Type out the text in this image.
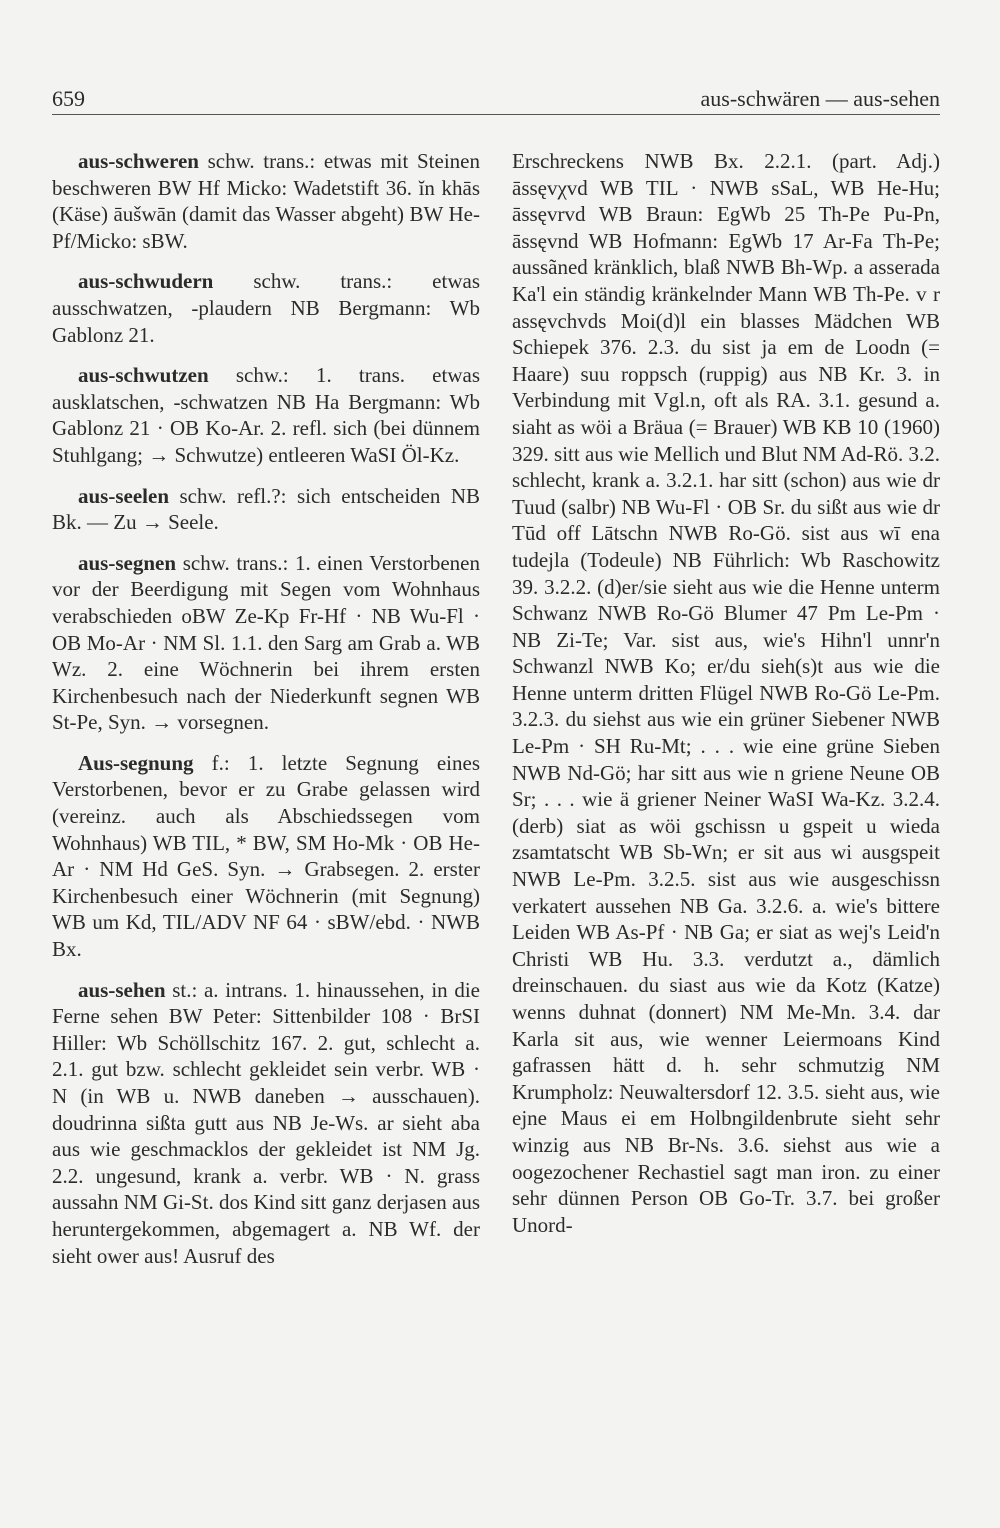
659	aus-schwären — aus-sehen

aus-schweren schw. trans.: etwas mit Steinen beschweren BW Hf Micko: Wadetstift 36. ĭn khās (Käse) āušwān (damit das Wasser abgeht) BW He-Pf/Micko: sBW.

aus-schwudern schw. trans.: etwas ausschwatzen, -plaudern NB Bergmann: Wb Gablonz 21.

aus-schwutzen schw.: 1. trans. etwas ausklatschen, -schwatzen NB Ha Bergmann: Wb Gablonz 21 · OB Ko-Ar. 2. refl. sich (bei dünnem Stuhlgang; → Schwutze) entleeren WaSI Öl-Kz.

aus-seelen schw. refl.?: sich entscheiden NB Bk. — Zu → Seele.

aus-segnen schw. trans.: 1. einen Verstorbenen vor der Beerdigung mit Segen vom Wohnhaus verabschieden oBW Ze-Kp Fr-Hf · NB Wu-Fl · OB Mo-Ar · NM Sl. 1.1. den Sarg am Grab a. WB Wz. 2. eine Wöchnerin bei ihrem ersten Kirchenbesuch nach der Niederkunft segnen WB St-Pe, Syn. → vorsegnen.

Aus-segnung f.: 1. letzte Segnung eines Verstorbenen, bevor er zu Grabe gelassen wird (vereinz. auch als Abschiedssegen vom Wohnhaus) WB TIL, * BW, SM Ho-Mk · OB He-Ar · NM Hd GeS. Syn. → Grabsegen. 2. erster Kirchenbesuch einer Wöchnerin (mit Segnung) WB um Kd, TIL/ADV NF 64 · sBW/ebd. · NWB Bx.

aus-sehen st.: a. intrans. 1. hinaussehen, in die Ferne sehen BW Peter: Sittenbilder 108 · BrSI Hiller: Wb Schöllschitz 167. 2. gut, schlecht a. 2.1. gut bzw. schlecht gekleidet sein verbr. WB · N (in WB u. NWB daneben → ausschauen). doudrinna sißta gutt aus NB Je-Ws. ar sieht aba aus wie geschmacklos der gekleidet ist NM Jg. 2.2. ungesund, krank a. verbr. WB · N. grass aussahn NM Gi-St. dos Kind sitt ganz derjasen aus heruntergekommen, abgemagert a. NB Wf. der sieht ower aus! Ausruf des

Erschreckens NWB Bx. 2.2.1. (part. Adj.) āssęvχvd WB TIL · NWB sSaL, WB He-Hu; āssęvrvd WB Braun: EgWb 25 Th-Pe Pu-Pn, āssęvnd WB Hofmann: EgWb 17 Ar-Fa Th-Pe; aussãned kränklich, blaß NWB Bh-Wp. a asserada Ka'l ein ständig kränkelnder Mann WB Th-Pe. v r assęvchvds Moi(d)l ein blasses Mädchen WB Schiepek 376. 2.3. du sist ja em de Loodn (= Haare) suu roppsch (ruppig) aus NB Kr. 3. in Verbindung mit Vgl.n, oft als RA. 3.1. gesund a. siaht as wöi a Bräua (= Brauer) WB KB 10 (1960) 329. sitt aus wie Mellich und Blut NM Ad-Rö. 3.2. schlecht, krank a. 3.2.1. har sitt (schon) aus wie dr Tuud (salbr) NB Wu-Fl · OB Sr. du sißt aus wie dr Tūd off Lātschn NWB Ro-Gö. sist aus wī ena tudejla (Todeule) NB Führlich: Wb Raschowitz 39. 3.2.2. (d)er/sie sieht aus wie die Henne unterm Schwanz NWB Ro-Gö Blumer 47 Pm Le-Pm · NB Zi-Te; Var. sist aus, wie's Hihn'l unnr'n Schwanzl NWB Ko; er/du sieh(s)t aus wie die Henne unterm dritten Flügel NWB Ro-Gö Le-Pm. 3.2.3. du siehst aus wie ein grüner Siebener NWB Le-Pm · SH Ru-Mt; . . . wie eine grüne Sieben NWB Nd-Gö; har sitt aus wie n griene Neune OB Sr; . . . wie ä griener Neiner WaSI Wa-Kz. 3.2.4. (derb) siat as wöi gschissn u gspeit u wieda zsamtatscht WB Sb-Wn; er sit aus wi ausgspeit NWB Le-Pm. 3.2.5. sist aus wie ausgeschissn verkatert aussehen NB Ga. 3.2.6. a. wie's bittere Leiden WB As-Pf · NB Ga; er siat as wej's Leid'n Christi WB Hu. 3.3. verdutzt a., dämlich dreinschauen. du siast aus wie da Kotz (Katze) wenns duhnat (donnert) NM Me-Mn. 3.4. dar Karla sit aus, wie wenner Leiermoans Kind gafrassen hätt d. h. sehr schmutzig NM Krumpholz: Neuwaltersdorf 12. 3.5. sieht aus, wie ejne Maus ei em Holbngildenbrute sieht sehr winzig aus NB Br-Ns. 3.6. siehst aus wie a oogezochener Rechastiel sagt man iron. zu einer sehr dünnen Person OB Go-Tr. 3.7. bei großer Unord-
